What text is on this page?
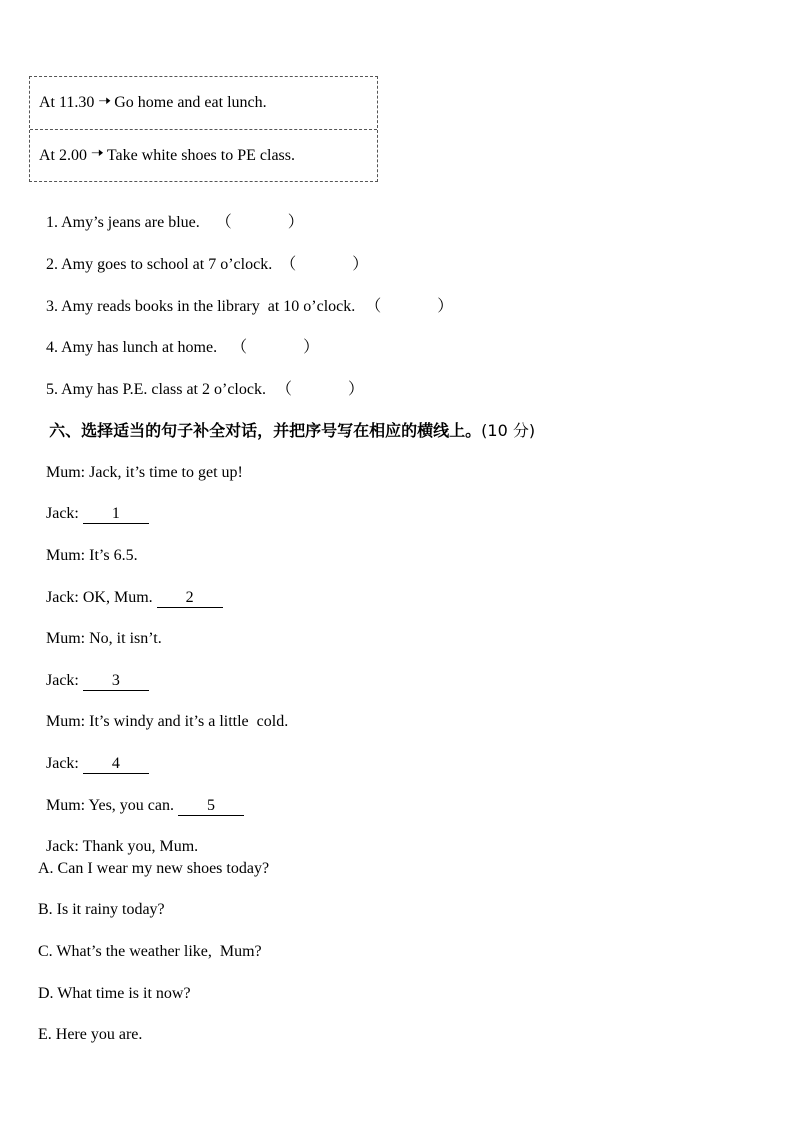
At 11.30 🠢 Go home and eat lunch.
At 2.00 🠢 Take white shoes to PE class.

1. Amy’s jeans are blue. （	）

2. Amy goes to school at 7 o’clock. （	）

3. Amy reads books in the library  at 10 o’clock. （	）

4. Amy has lunch at home. （	）

5. Amy has P.E. class at 2 o’clock. （	）

六、选择适当的句子补全对话，并把序号写在相应的横线上。(10 分)

Mum: Jack, it’s time to get up!

Jack: 1

Mum: It’s 6.5.

Jack: OK, Mum. 2

Mum: No, it isn’t.

Jack: 3

Mum: It’s windy and it’s a little  cold.

Jack: 4

Mum: Yes, you can. 5

Jack: Thank you, Mum.

A. Can I wear my new shoes today?
B. Is it rainy today?
C. What’s the weather like,  Mum?
D. What time is it now?
E. Here you are.
